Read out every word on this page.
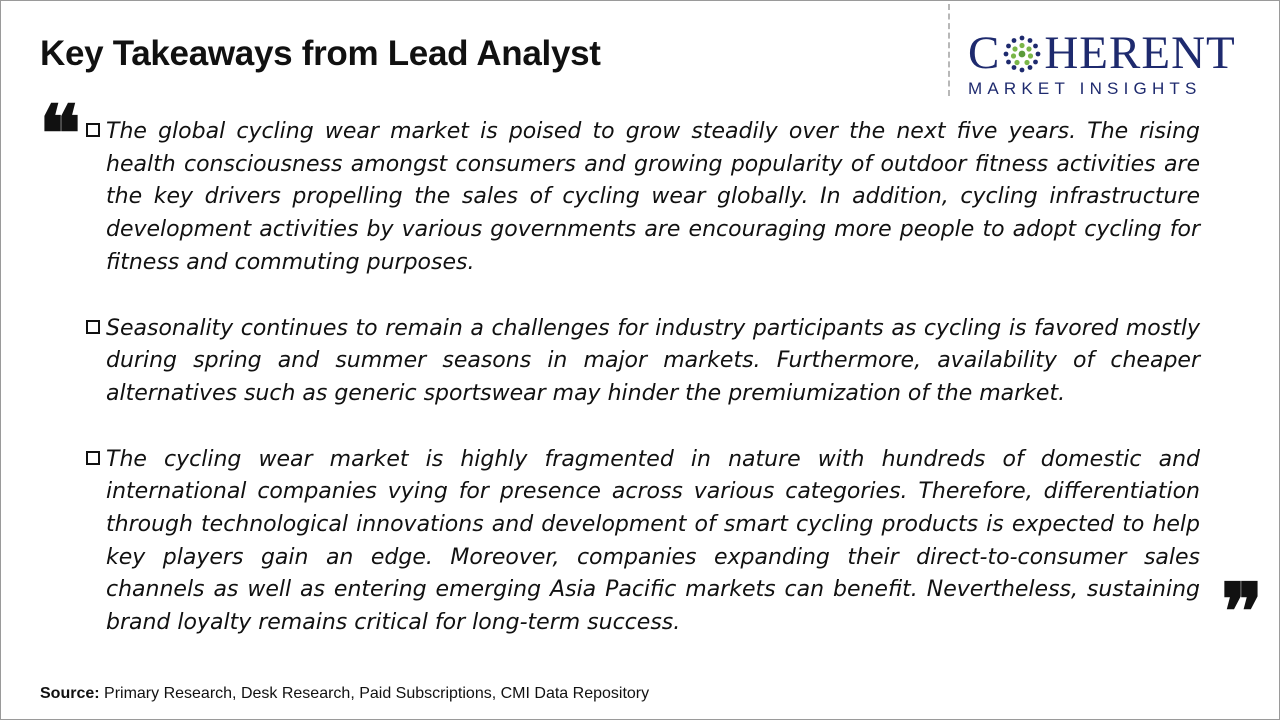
Key Takeaways from Lead Analyst	C HERENT
MARKET INSIGHTS
❝
❞
The global cycling wear market is poised to grow steadily over the next five years. The rising health consciousness amongst consumers and growing popularity of outdoor fitness activities are the key drivers propelling the sales of cycling wear globally. In addition, cycling infrastructure development activities by various governments are encouraging more people to adopt cycling for fitness and commuting purposes.
Seasonality continues to remain a challenges for industry participants as cycling is favored mostly during spring and summer seasons in major markets. Furthermore, availability of cheaper alternatives such as generic sportswear may hinder the premiumization of the market.
The cycling wear market is highly fragmented in nature with hundreds of domestic and international companies vying for presence across various categories. Therefore, differentiation through technological innovations and development of smart cycling products is expected to help key players gain an edge. Moreover, companies expanding their direct-to-consumer sales channels as well as entering emerging Asia Pacific markets can benefit. Nevertheless, sustaining brand loyalty remains critical for long-term success.
Source: Primary Research, Desk Research, Paid Subscriptions, CMI Data Repository
